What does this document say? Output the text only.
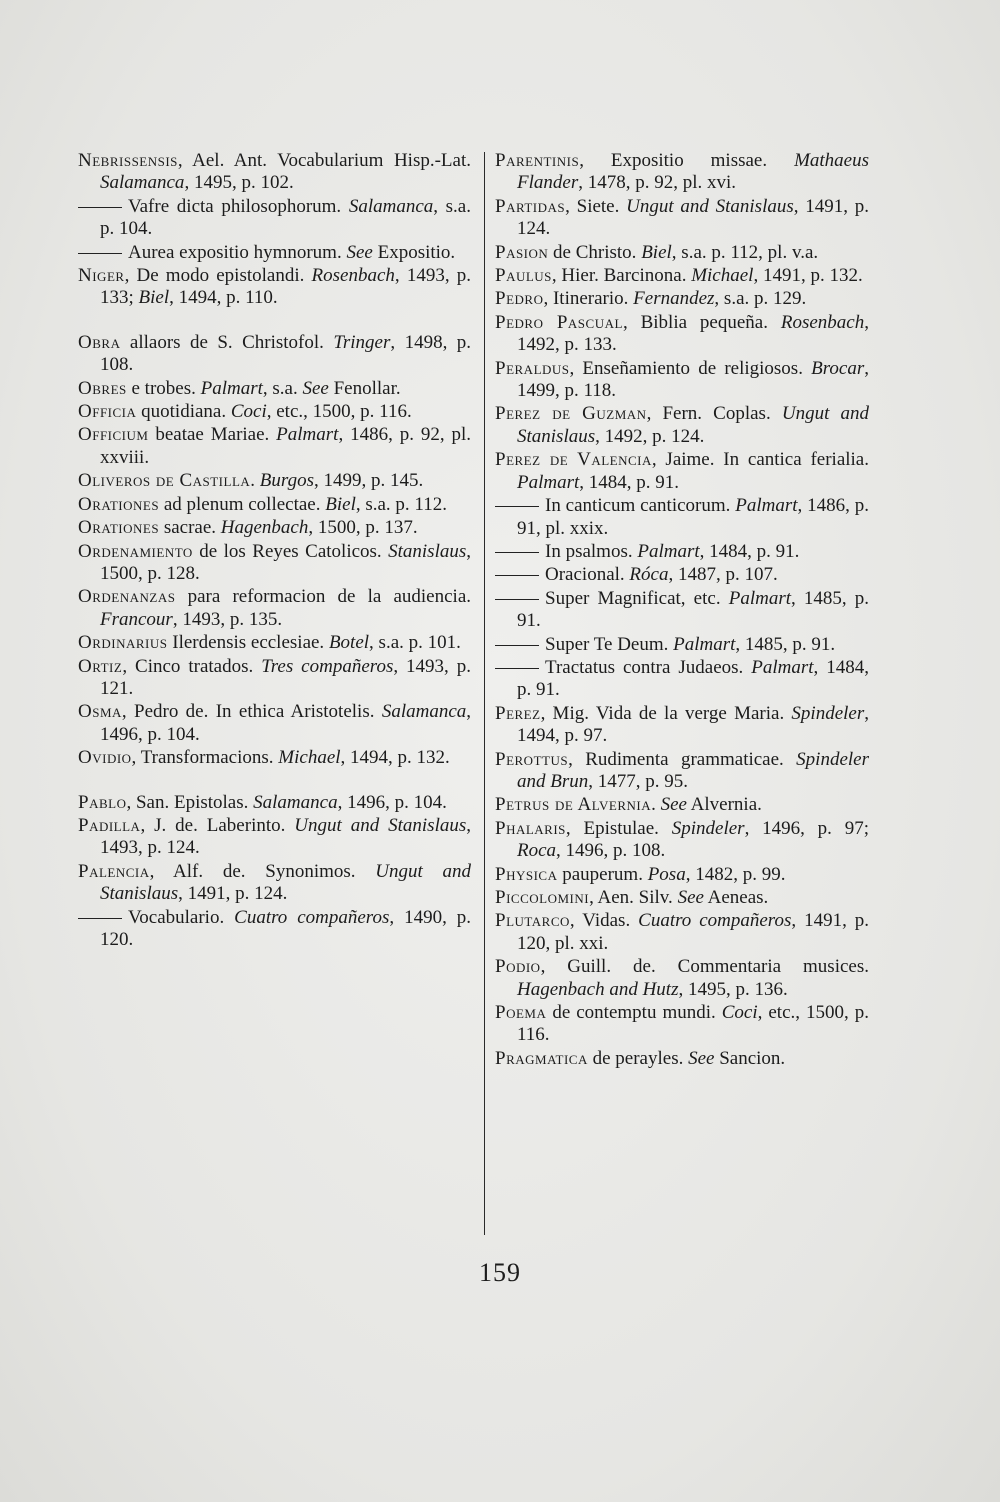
Nebrissensis, Ael. Ant. Vocabularium Hisp.-Lat. Salamanca, 1495, p. 102.
Vafre dicta philosophorum. Salamanca, s.a. p. 104.
Aurea expositio hymnorum. See Expositio.
Niger, De modo epistolandi. Rosenbach, 1493, p. 133; Biel, 1494, p. 110.
Obra allaors de S. Christofol. Tringer, 1498, p. 108.
Obres e trobes. Palmart, s.a. See Fenollar.
Officia quotidiana. Coci, etc., 1500, p. 116.
Officium beatae Mariae. Palmart, 1486, p. 92, pl. xxviii.
Oliveros de Castilla. Burgos, 1499, p. 145.
Orationes ad plenum collectae. Biel, s.a. p. 112.
Orationes sacrae. Hagenbach, 1500, p. 137.
Ordenamiento de los Reyes Catolicos. Stanislaus, 1500, p. 128.
Ordenanzas para reformacion de la audiencia. Francour, 1493, p. 135.
Ordinarius Ilerdensis ecclesiae. Botel, s.a. p. 101.
Ortiz, Cinco tratados. Tres compañeros, 1493, p. 121.
Osma, Pedro de. In ethica Aristotelis. Salamanca, 1496, p. 104.
Ovidio, Transformacions. Michael, 1494, p. 132.
Pablo, San. Epistolas. Salamanca, 1496, p. 104.
Padilla, J. de. Laberinto. Ungut and Stanislaus, 1493, p. 124.
Palencia, Alf. de. Synonimos. Ungut and Stanislaus, 1491, p. 124.
Vocabulario. Cuatro compañeros, 1490, p. 120.
Parentinis, Expositio missae. Mathaeus Flander, 1478, p. 92, pl. xvi.
Partidas, Siete. Ungut and Stanislaus, 1491, p. 124.
Pasion de Christo. Biel, s.a. p. 112, pl. v.a.
Paulus, Hier. Barcinona. Michael, 1491, p. 132.
Pedro, Itinerario. Fernandez, s.a. p. 129.
Pedro Pascual, Biblia pequeña. Rosenbach, 1492, p. 133.
Peraldus, Enseñamiento de religiosos. Brocar, 1499, p. 118.
Perez de Guzman, Fern. Coplas. Ungut and Stanislaus, 1492, p. 124.
Perez de Valencia, Jaime. In cantica ferialia. Palmart, 1484, p. 91.
In canticum canticorum. Palmart, 1486, p. 91, pl. xxix.
In psalmos. Palmart, 1484, p. 91.
Oracional. Róca, 1487, p. 107.
Super Magnificat, etc. Palmart, 1485, p. 91.
Super Te Deum. Palmart, 1485, p. 91.
Tractatus contra Judaeos. Palmart, 1484, p. 91.
Perez, Mig. Vida de la verge Maria. Spindeler, 1494, p. 97.
Perottus, Rudimenta grammaticae. Spindeler and Brun, 1477, p. 95.
Petrus de Alvernia. See Alvernia.
Phalaris, Epistulae. Spindeler, 1496, p. 97; Roca, 1496, p. 108.
Physica pauperum. Posa, 1482, p. 99.
Piccolomini, Aen. Silv. See Aeneas.
Plutarco, Vidas. Cuatro compañeros, 1491, p. 120, pl. xxi.
Podio, Guill. de. Commentaria musices. Hagenbach and Hutz, 1495, p. 136.
Poema de contemptu mundi. Coci, etc., 1500, p. 116.
Pragmatica de perayles. See Sancion.
159
